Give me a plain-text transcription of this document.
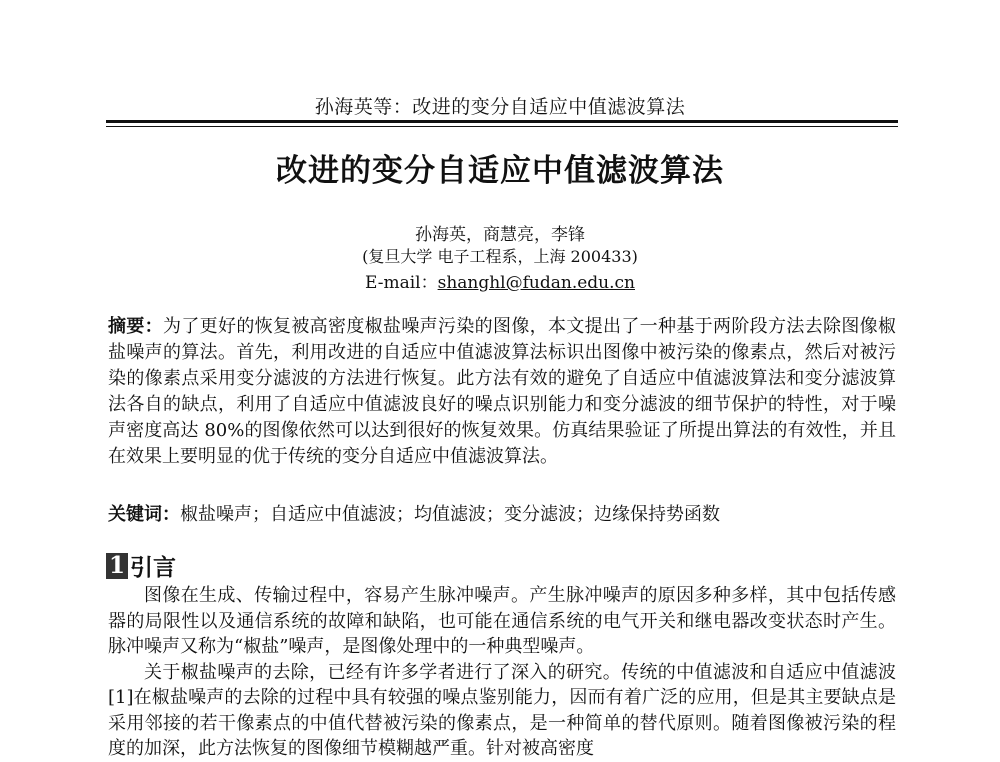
孙海英等：改进的变分自适应中值滤波算法
改进的变分自适应中值滤波算法
孙海英，商慧亮，李锋
(复旦大学 电子工程系，上海 200433)
E-mail：shanghl@fudan.edu.cn

摘要：为了更好的恢复被高密度椒盐噪声污染的图像，本文提出了一种基于两阶段方法去除图像椒盐噪声的算法。首先，利用改进的自适应中值滤波算法标识出图像中被污染的像素点，然后对被污染的像素点采用变分滤波的方法进行恢复。此方法有效的避免了自适应中值滤波算法和变分滤波算法各自的缺点，利用了自适应中值滤波良好的噪点识别能力和变分滤波的细节保护的特性，对于噪声密度高达 80%的图像依然可以达到很好的恢复效果。仿真结果验证了所提出算法的有效性，并且在效果上要明显的优于传统的变分自适应中值滤波算法。

关键词：椒盐噪声；自适应中值滤波；均值滤波；变分滤波；边缘保持势函数

1 引言

图像在生成、传输过程中，容易产生脉冲噪声。产生脉冲噪声的原因多种多样，其中包括传感器的局限性以及通信系统的故障和缺陷，也可能在通信系统的电气开关和继电器改变状态时产生。脉冲噪声又称为“椒盐”噪声，是图像处理中的一种典型噪声。

关于椒盐噪声的去除，已经有许多学者进行了深入的研究。传统的中值滤波和自适应中值滤波[1]在椒盐噪声的去除的过程中具有较强的噪点鉴别能力，因而有着广泛的应用，但是其主要缺点是采用邻接的若干像素点的中值代替被污染的像素点，是一种简单的替代原则。随着图像被污染的程度的加深，此方法恢复的图像细节模糊越严重。针对被高密度
